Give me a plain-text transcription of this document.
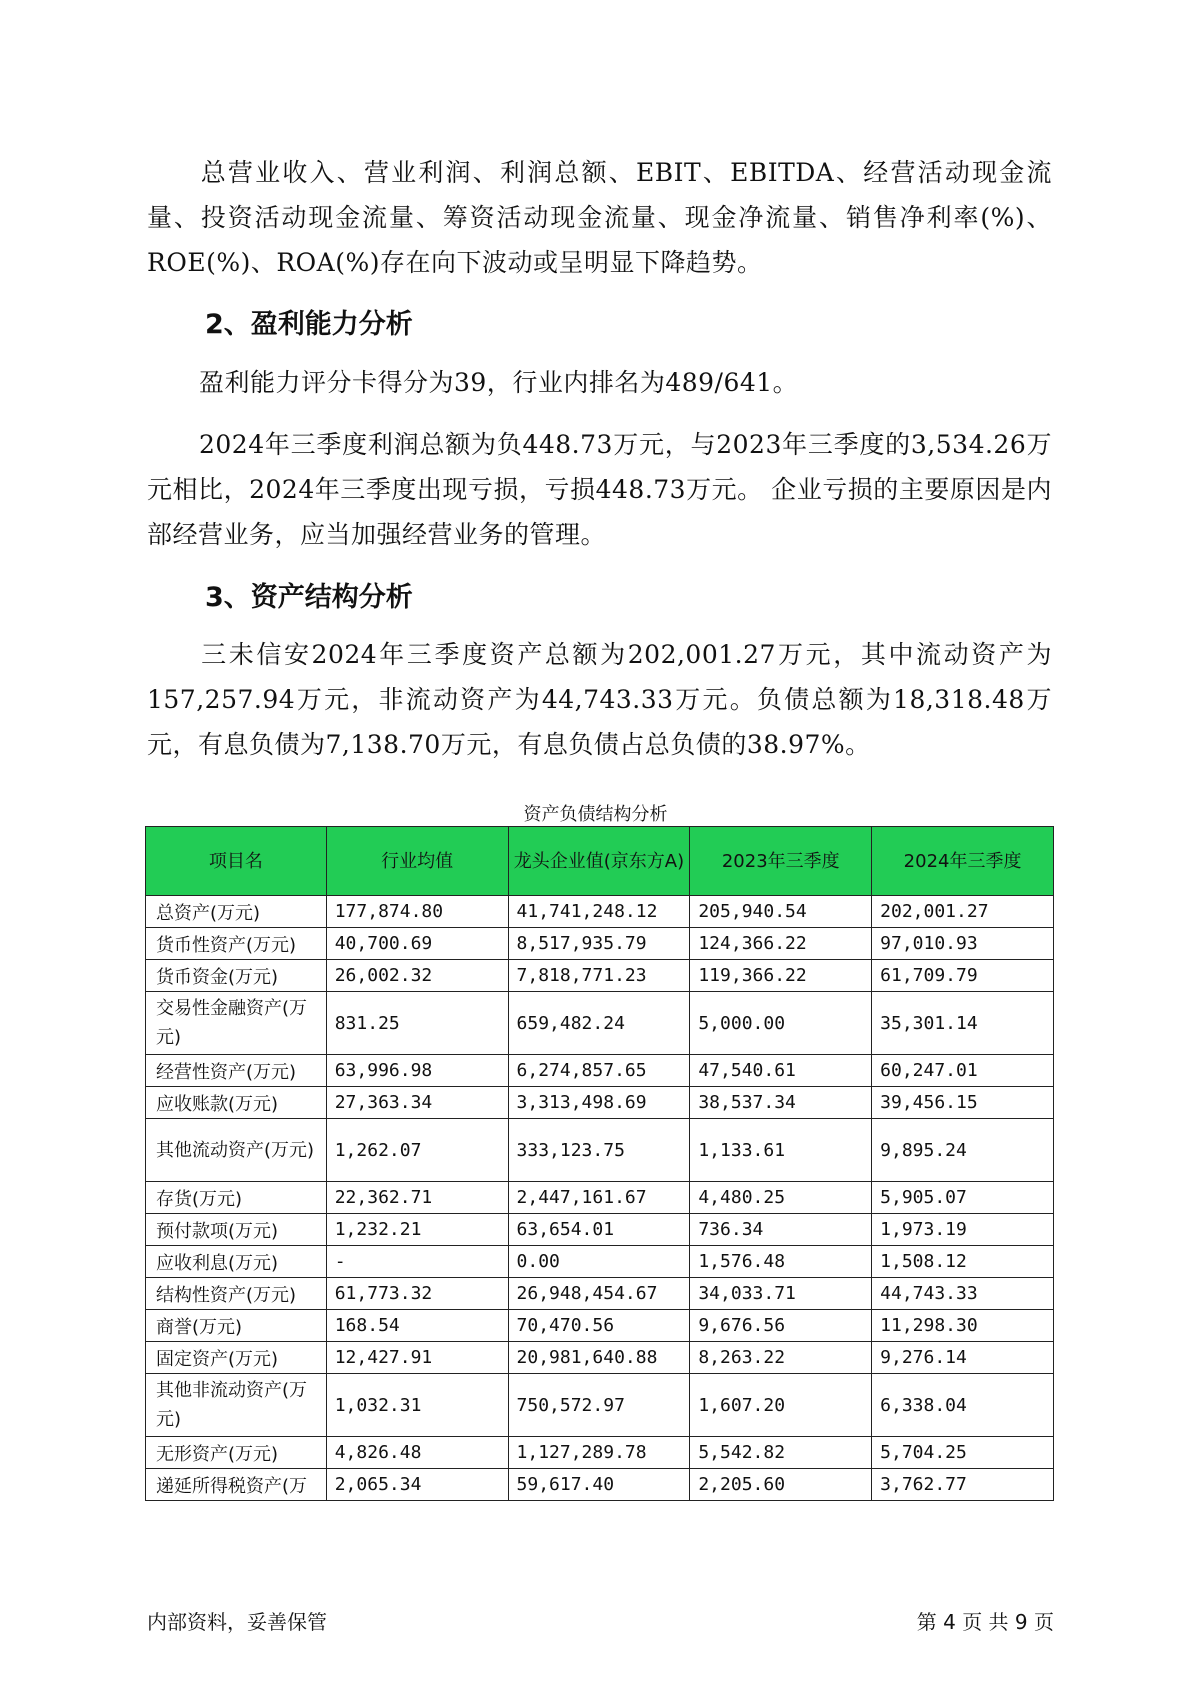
总营业收入、营业利润、利润总额、EBIT、EBITDA、经营活动现金流量、投资活动现金流量、筹资活动现金流量、现金净流量、销售净利率(%)、ROE(%)、ROA(%)存在向下波动或呈明显下降趋势。
2、盈利能力分析
盈利能力评分卡得分为39，行业内排名为489/641。
2024年三季度利润总额为负448.73万元，与2023年三季度的3,534.26万元相比，2024年三季度出现亏损，亏损448.73万元。 企业亏损的主要原因是内部经营业务，应当加强经营业务的管理。
3、资产结构分析
三未信安2024年三季度资产总额为202,001.27万元，其中流动资产为157,257.94万元，非流动资产为44,743.33万元。负债总额为18,318.48万元，有息负债为7,138.70万元，有息负债占总负债的38.97%。
资产负债结构分析
项目名	行业均值	龙头企业值(京东方A)	2023年三季度	2024年三季度
总资产(万元)	177,874.80	41,741,248.12	205,940.54	202,001.27
货币性资产(万元)	40,700.69	8,517,935.79	124,366.22	97,010.93
货币资金(万元)	26,002.32	7,818,771.23	119,366.22	61,709.79
交易性金融资产(万元)	831.25	659,482.24	5,000.00	35,301.14
经营性资产(万元)	63,996.98	6,274,857.65	47,540.61	60,247.01
应收账款(万元)	27,363.34	3,313,498.69	38,537.34	39,456.15
其他流动资产(万元)	1,262.07	333,123.75	1,133.61	9,895.24
存货(万元)	22,362.71	2,447,161.67	4,480.25	5,905.07
预付款项(万元)	1,232.21	63,654.01	736.34	1,973.19
应收利息(万元)	-	0.00	1,576.48	1,508.12
结构性资产(万元)	61,773.32	26,948,454.67	34,033.71	44,743.33
商誉(万元)	168.54	70,470.56	9,676.56	11,298.30
固定资产(万元)	12,427.91	20,981,640.88	8,263.22	9,276.14
其他非流动资产(万元)	1,032.31	750,572.97	1,607.20	6,338.04
无形资产(万元)	4,826.48	1,127,289.78	5,542.82	5,704.25
递延所得税资产(万	2,065.34	59,617.40	2,205.60	3,762.77
内部资料，妥善保管	第 4 页 共 9 页
